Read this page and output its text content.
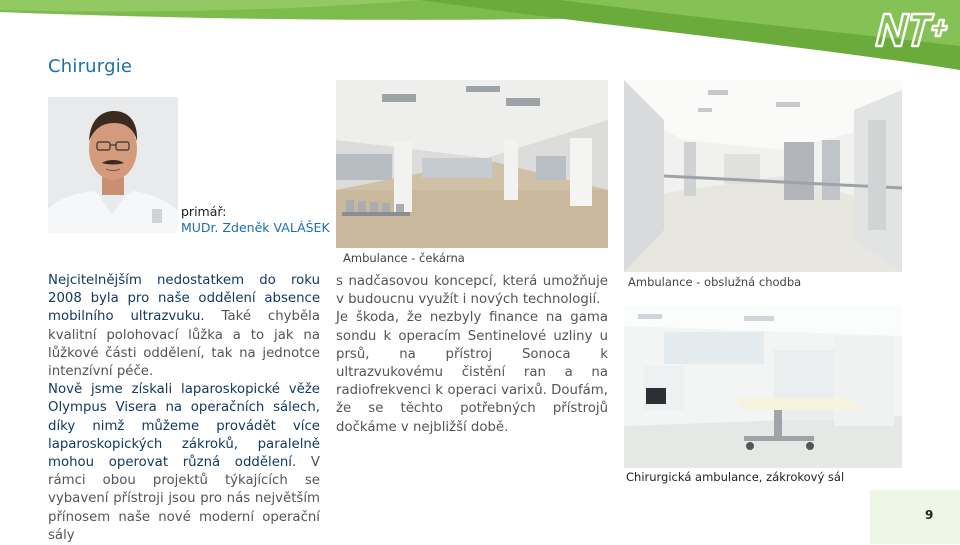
Chirurgie
primář:
MUDr. Zdeněk VALÁŠEK
Nejcitelnějším nedostatkem do roku 2008 byla pro naše oddělení absence mobilního ultrazvuku. Také chyběla kvalitní polohovací lůžka a to jak na lůžkové části oddělení, tak na jednotce intenzívní péče.
Nově jsme získali laparoskopické věže Olympus Visera na operačních sálech, díky nimž můžeme provádět více laparoskopických zákroků, paralelně mohou operovat různá oddělení. V rámci obou projektů týkajících se vybavení přístroji jsou pro nás největším přínosem naše nové moderní operační sály
Ambulance - čekárna
s nadčasovou koncepcí, která umožňuje v budoucnu využít i nových technologií.
Je škoda, že nezbyly finance na gama sondu k operacím Sentinelové uzliny u prsů, na přístroj Sonoca k ultrazvukovému čistění ran a na radiofrekvenci k operaci varixů. Doufám, že se těchto potřebných přístrojů dočkáme v nejbližší době.
Ambulance - obslužná chodba
Chirurgická ambulance, zákrokový sál
9
